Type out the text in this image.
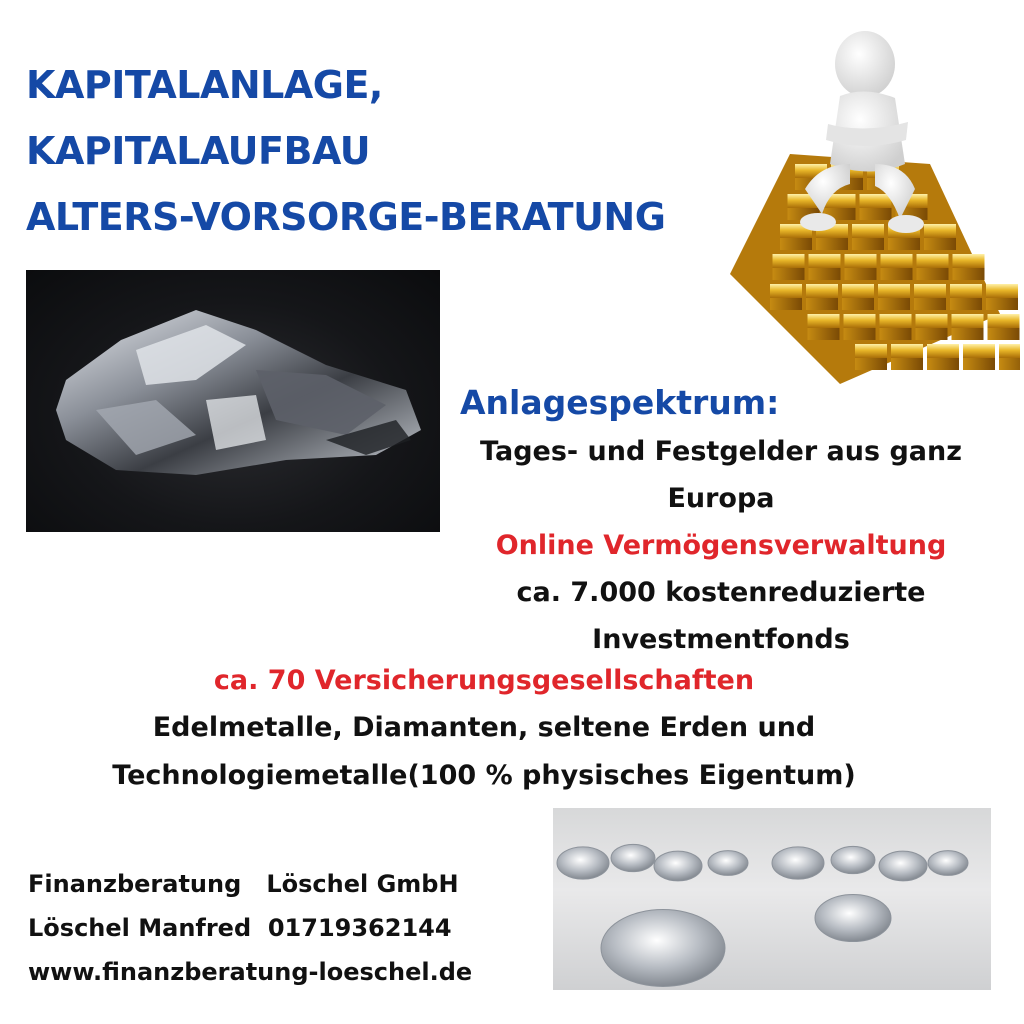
KAPITALANLAGE,
KAPITALAUFBAU
ALTERS-VORSORGE-BERATUNG
Anlagespektrum:
Tages- und Festgelder aus ganz
Europa
Online Vermögensverwaltung
ca. 7.000 kostenreduzierte
Investmentfonds
ca. 70 Versicherungsgesellschaften
Edelmetalle, Diamanten, seltene Erden und
Technologiemetalle(100 % physisches Eigentum)
Finanzberatung   Löschel GmbH
Löschel Manfred  01719362144
www.finanzberatung-loeschel.de
